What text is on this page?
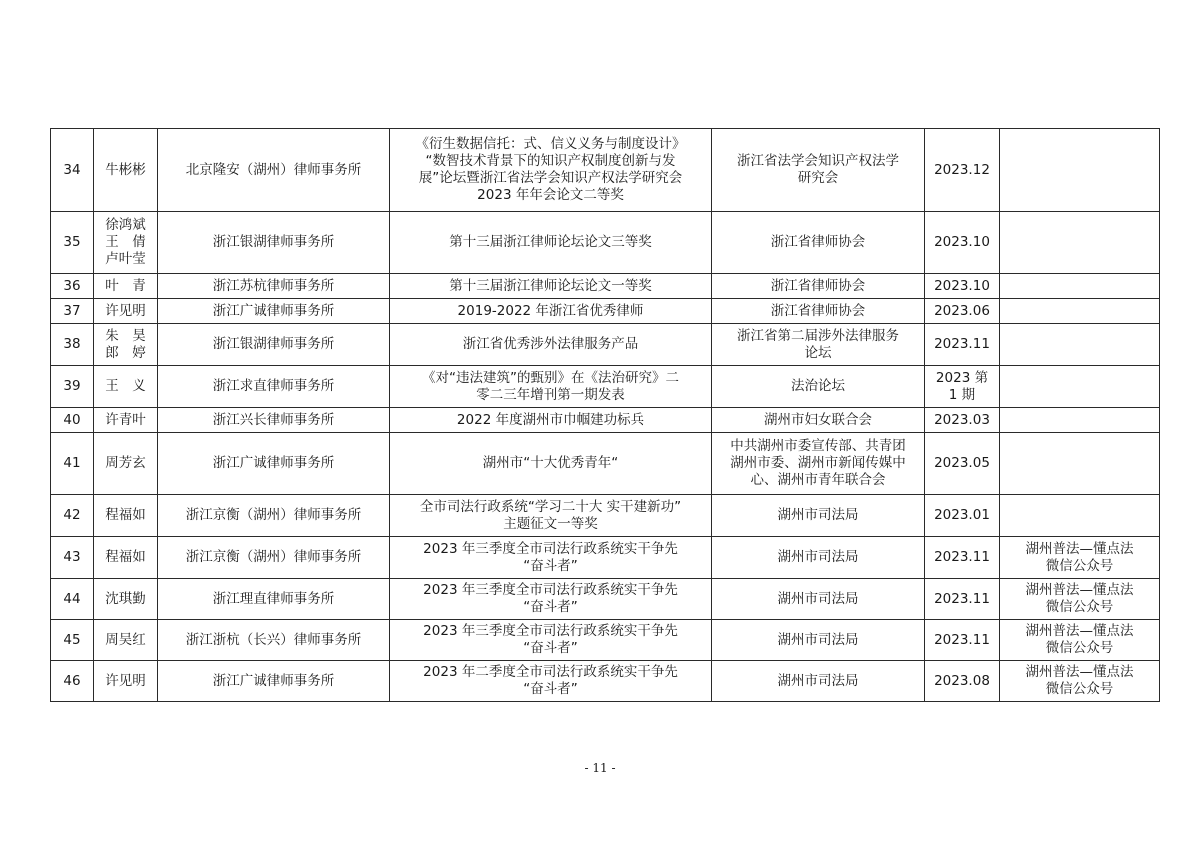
34	牛彬彬	北京隆安（湖州）律师事务所	《衍生数据信托：式、信义义务与制度设计》
“数智技术背景下的知识产权制度创新与发
展”论坛暨浙江省法学会知识产权法学研究会
2023 年年会论文二等奖	浙江省法学会知识产权法学
研究会	2023.12	

35	徐鸿斌
王　倩
卢叶莹	浙江银湖律师事务所	第十三届浙江律师论坛论文三等奖	浙江省律师协会	2023.10	

36	叶　青	浙江苏杭律师事务所	第十三届浙江律师论坛论文一等奖	浙江省律师协会	2023.10	

37	许见明	浙江广诚律师事务所	2019-2022 年浙江省优秀律师	浙江省律师协会	2023.06	

38	朱　昊
郎　婷	浙江银湖律师事务所	浙江省优秀涉外法律服务产品	浙江省第二届涉外法律服务
论坛	2023.11	

39	王　义	浙江求直律师事务所	《对“违法建筑”的甄别》在《法治研究》二
零二三年增刊第一期发表	法治论坛	2023 第
1 期	

40	许青叶	浙江兴长律师事务所	2022 年度湖州市巾帼建功标兵	湖州市妇女联合会	2023.03	

41	周芳玄	浙江广诚律师事务所	湖州市“十大优秀青年“	中共湖州市委宣传部、共青团
湖州市委、湖州市新闻传媒中
心、湖州市青年联合会	2023.05	

42	程福如	浙江京衡（湖州）律师事务所	全市司法行政系统“学习二十大 实干建新功”
主题征文一等奖	湖州市司法局	2023.01	

43	程福如	浙江京衡（湖州）律师事务所	2023 年三季度全市司法行政系统实干争先
“奋斗者”	湖州市司法局	2023.11	湖州普法—懂点法
微信公众号

44	沈琪勤	浙江理直律师事务所	2023 年三季度全市司法行政系统实干争先
“奋斗者”	湖州市司法局	2023.11	湖州普法—懂点法
微信公众号

45	周吴红	浙江浙杭（长兴）律师事务所	2023 年三季度全市司法行政系统实干争先
“奋斗者”	湖州市司法局	2023.11	湖州普法—懂点法
微信公众号

46	许见明	浙江广诚律师事务所	2023 年二季度全市司法行政系统实干争先
“奋斗者”	湖州市司法局	2023.08	湖州普法—懂点法
微信公众号
- 11 -
